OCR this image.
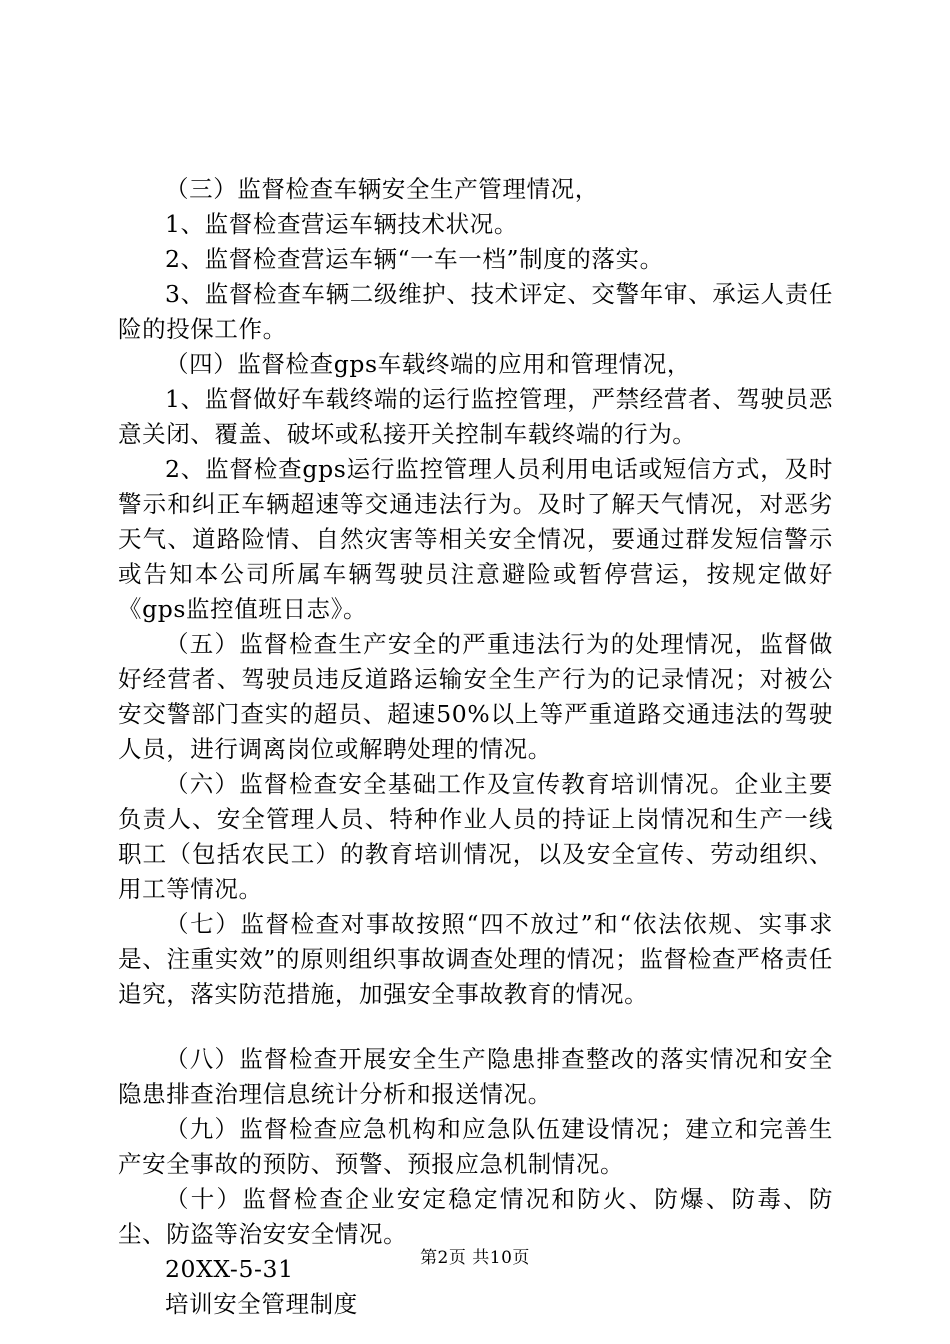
（三）监督检查车辆安全生产管理情况，

1、监督检查营运车辆技术状况。

2、监督检查营运车辆“一车一档”制度的落实。

3、监督检查车辆二级维护、技术评定、交警年审、承运人责任险的投保工作。

（四）监督检查gps车载终端的应用和管理情况，

1、监督做好车载终端的运行监控管理，严禁经营者、驾驶员恶意关闭、覆盖、破坏或私接开关控制车载终端的行为。

2、监督检查gps运行监控管理人员利用电话或短信方式，及时警示和纠正车辆超速等交通违法行为。及时了解天气情况，对恶劣天气、道路险情、自然灾害等相关安全情况，要通过群发短信警示或告知本公司所属车辆驾驶员注意避险或暂停营运，按规定做好《gps监控值班日志》。

（五）监督检查生产安全的严重违法行为的处理情况，监督做好经营者、驾驶员违反道路运输安全生产行为的记录情况；对被公安交警部门查实的超员、超速50%以上等严重道路交通违法的驾驶人员，进行调离岗位或解聘处理的情况。

（六）监督检查安全基础工作及宣传教育培训情况。企业主要负责人、安全管理人员、特种作业人员的持证上岗情况和生产一线职工（包括农民工）的教育培训情况，以及安全宣传、劳动组织、用工等情况。

（七）监督检查对事故按照“四不放过”和“依法依规、实事求是、注重实效”的原则组织事故调查处理的情况；监督检查严格责任追究，落实防范措施，加强安全事故教育的情况。

（八）监督检查开展安全生产隐患排查整改的落实情况和安全隐患排查治理信息统计分析和报送情况。

（九）监督检查应急机构和应急队伍建设情况；建立和完善生产安全事故的预防、预警、预报应急机制情况。

（十）监督检查企业安定稳定情况和防火、防爆、防毒、防尘、防盗等治安安全情况。

20XX-5-31

培训安全管理制度

第2页 共10页
